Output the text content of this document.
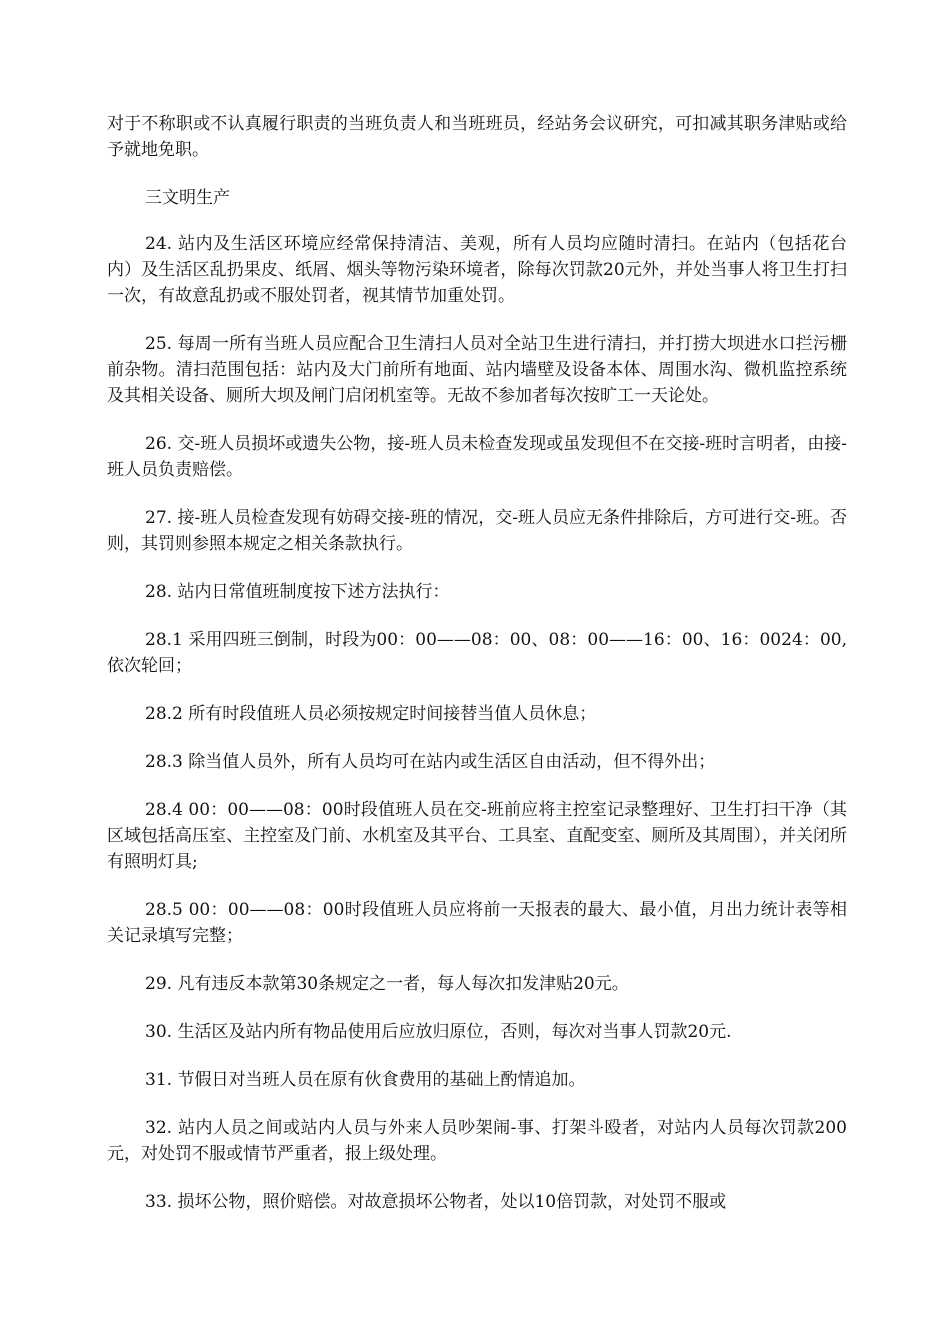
对于不称职或不认真履行职责的当班负责人和当班班员，经站务会议研究，可扣减其职务津贴或给予就地免职。

三文明生产

24. 站内及生活区环境应经常保持清洁、美观，所有人员均应随时清扫。在站内（包括花台内）及生活区乱扔果皮、纸屑、烟头等物污染环境者，除每次罚款20元外，并处当事人将卫生打扫一次，有故意乱扔或不服处罚者，视其情节加重处罚。

25. 每周一所有当班人员应配合卫生清扫人员对全站卫生进行清扫，并打捞大坝进水口拦污栅前杂物。清扫范围包括：站内及大门前所有地面、站内墙壁及设备本体、周围水沟、微机监控系统及其相关设备、厕所大坝及闸门启闭机室等。无故不参加者每次按旷工一天论处。

26. 交-班人员损坏或遗失公物，接-班人员未检查发现或虽发现但不在交接-班时言明者，由接-班人员负责赔偿。

27. 接-班人员检查发现有妨碍交接-班的情况，交-班人员应无条件排除后，方可进行交-班。否则，其罚则参照本规定之相关条款执行。

28. 站内日常值班制度按下述方法执行：

28.1 采用四班三倒制，时段为00：00——08：00、08：00——16：00、16：0024：00,依次轮回；

28.2 所有时段值班人员必须按规定时间接替当值人员休息；

28.3 除当值人员外，所有人员均可在站内或生活区自由活动，但不得外出；

28.4 00：00——08：00时段值班人员在交-班前应将主控室记录整理好、卫生打扫干净（其区域包括高压室、主控室及门前、水机室及其平台、工具室、直配变室、厕所及其周围），并关闭所有照明灯具;

28.5 00：00——08：00时段值班人员应将前一天报表的最大、最小值，月出力统计表等相关记录填写完整；

29. 凡有违反本款第30条规定之一者，每人每次扣发津贴20元。

30. 生活区及站内所有物品使用后应放归原位，否则，每次对当事人罚款20元.

31. 节假日对当班人员在原有伙食费用的基础上酌情追加。

32. 站内人员之间或站内人员与外来人员吵架闹-事、打架斗殴者，对站内人员每次罚款200元，对处罚不服或情节严重者，报上级处理。

33. 损坏公物，照价赔偿。对故意损坏公物者，处以10倍罚款，对处罚不服或
